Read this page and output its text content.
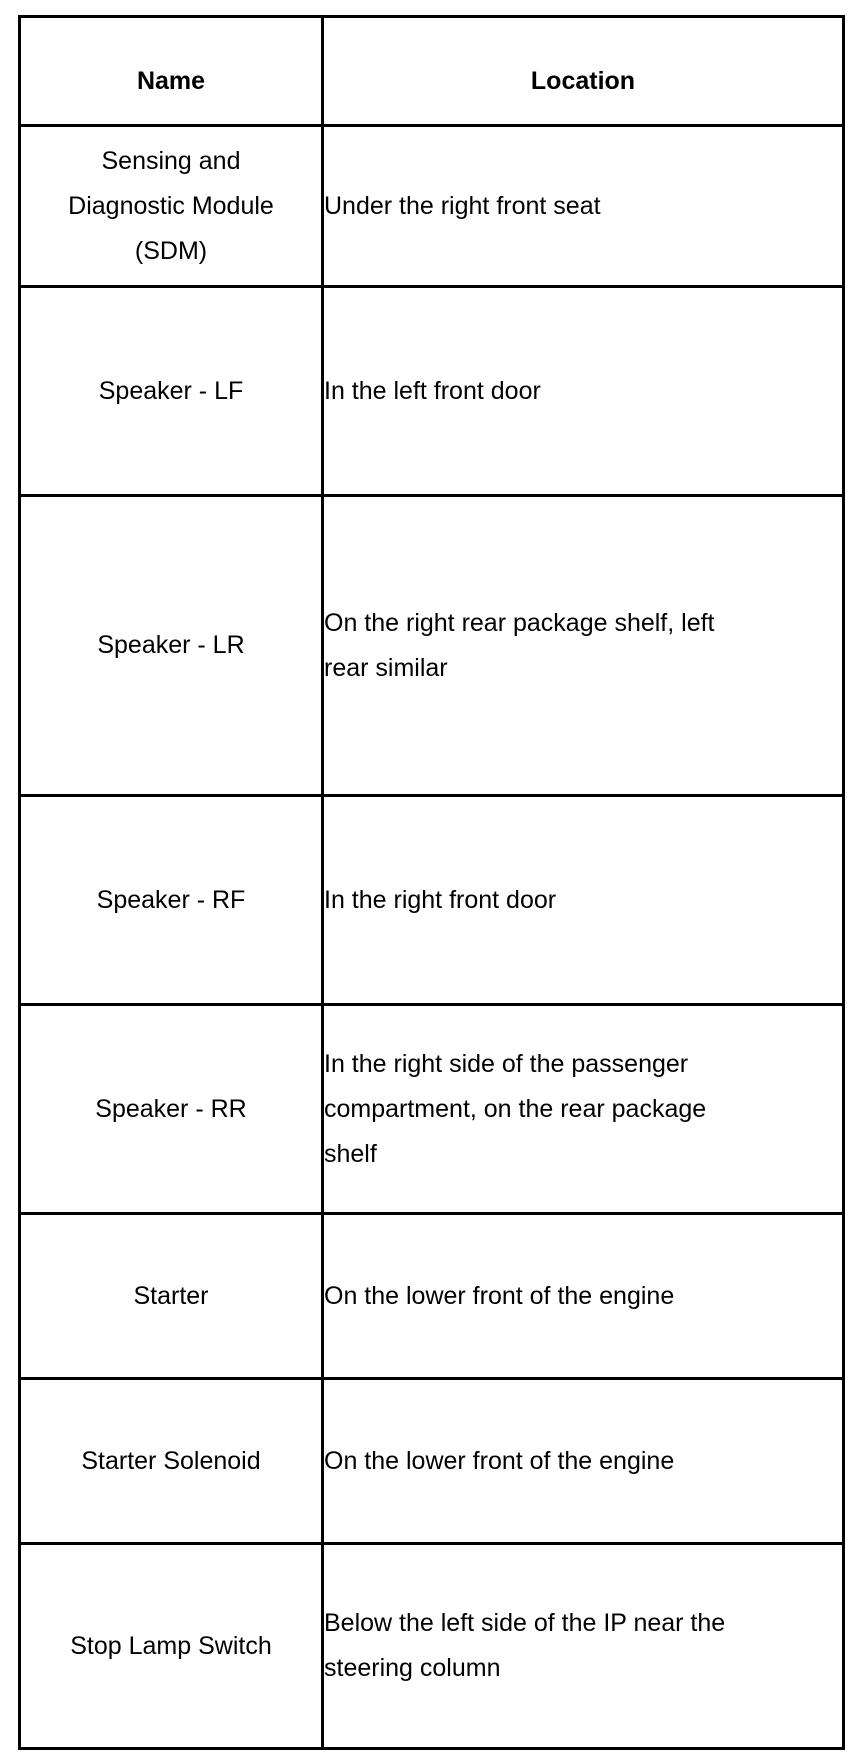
Name	Location
Sensing and Diagnostic Module (SDM)	Under the right front seat

Speaker - LF	In the left front door

Speaker - LR	On the right rear package shelf, left rear similar

Speaker - RF	In the right front door

Speaker - RR	In the right side of the passenger compartment, on the rear package shelf

Starter	On the lower front of the engine

Starter Solenoid	On the lower front of the engine

Stop Lamp Switch	Below the left side of the IP near the steering column
